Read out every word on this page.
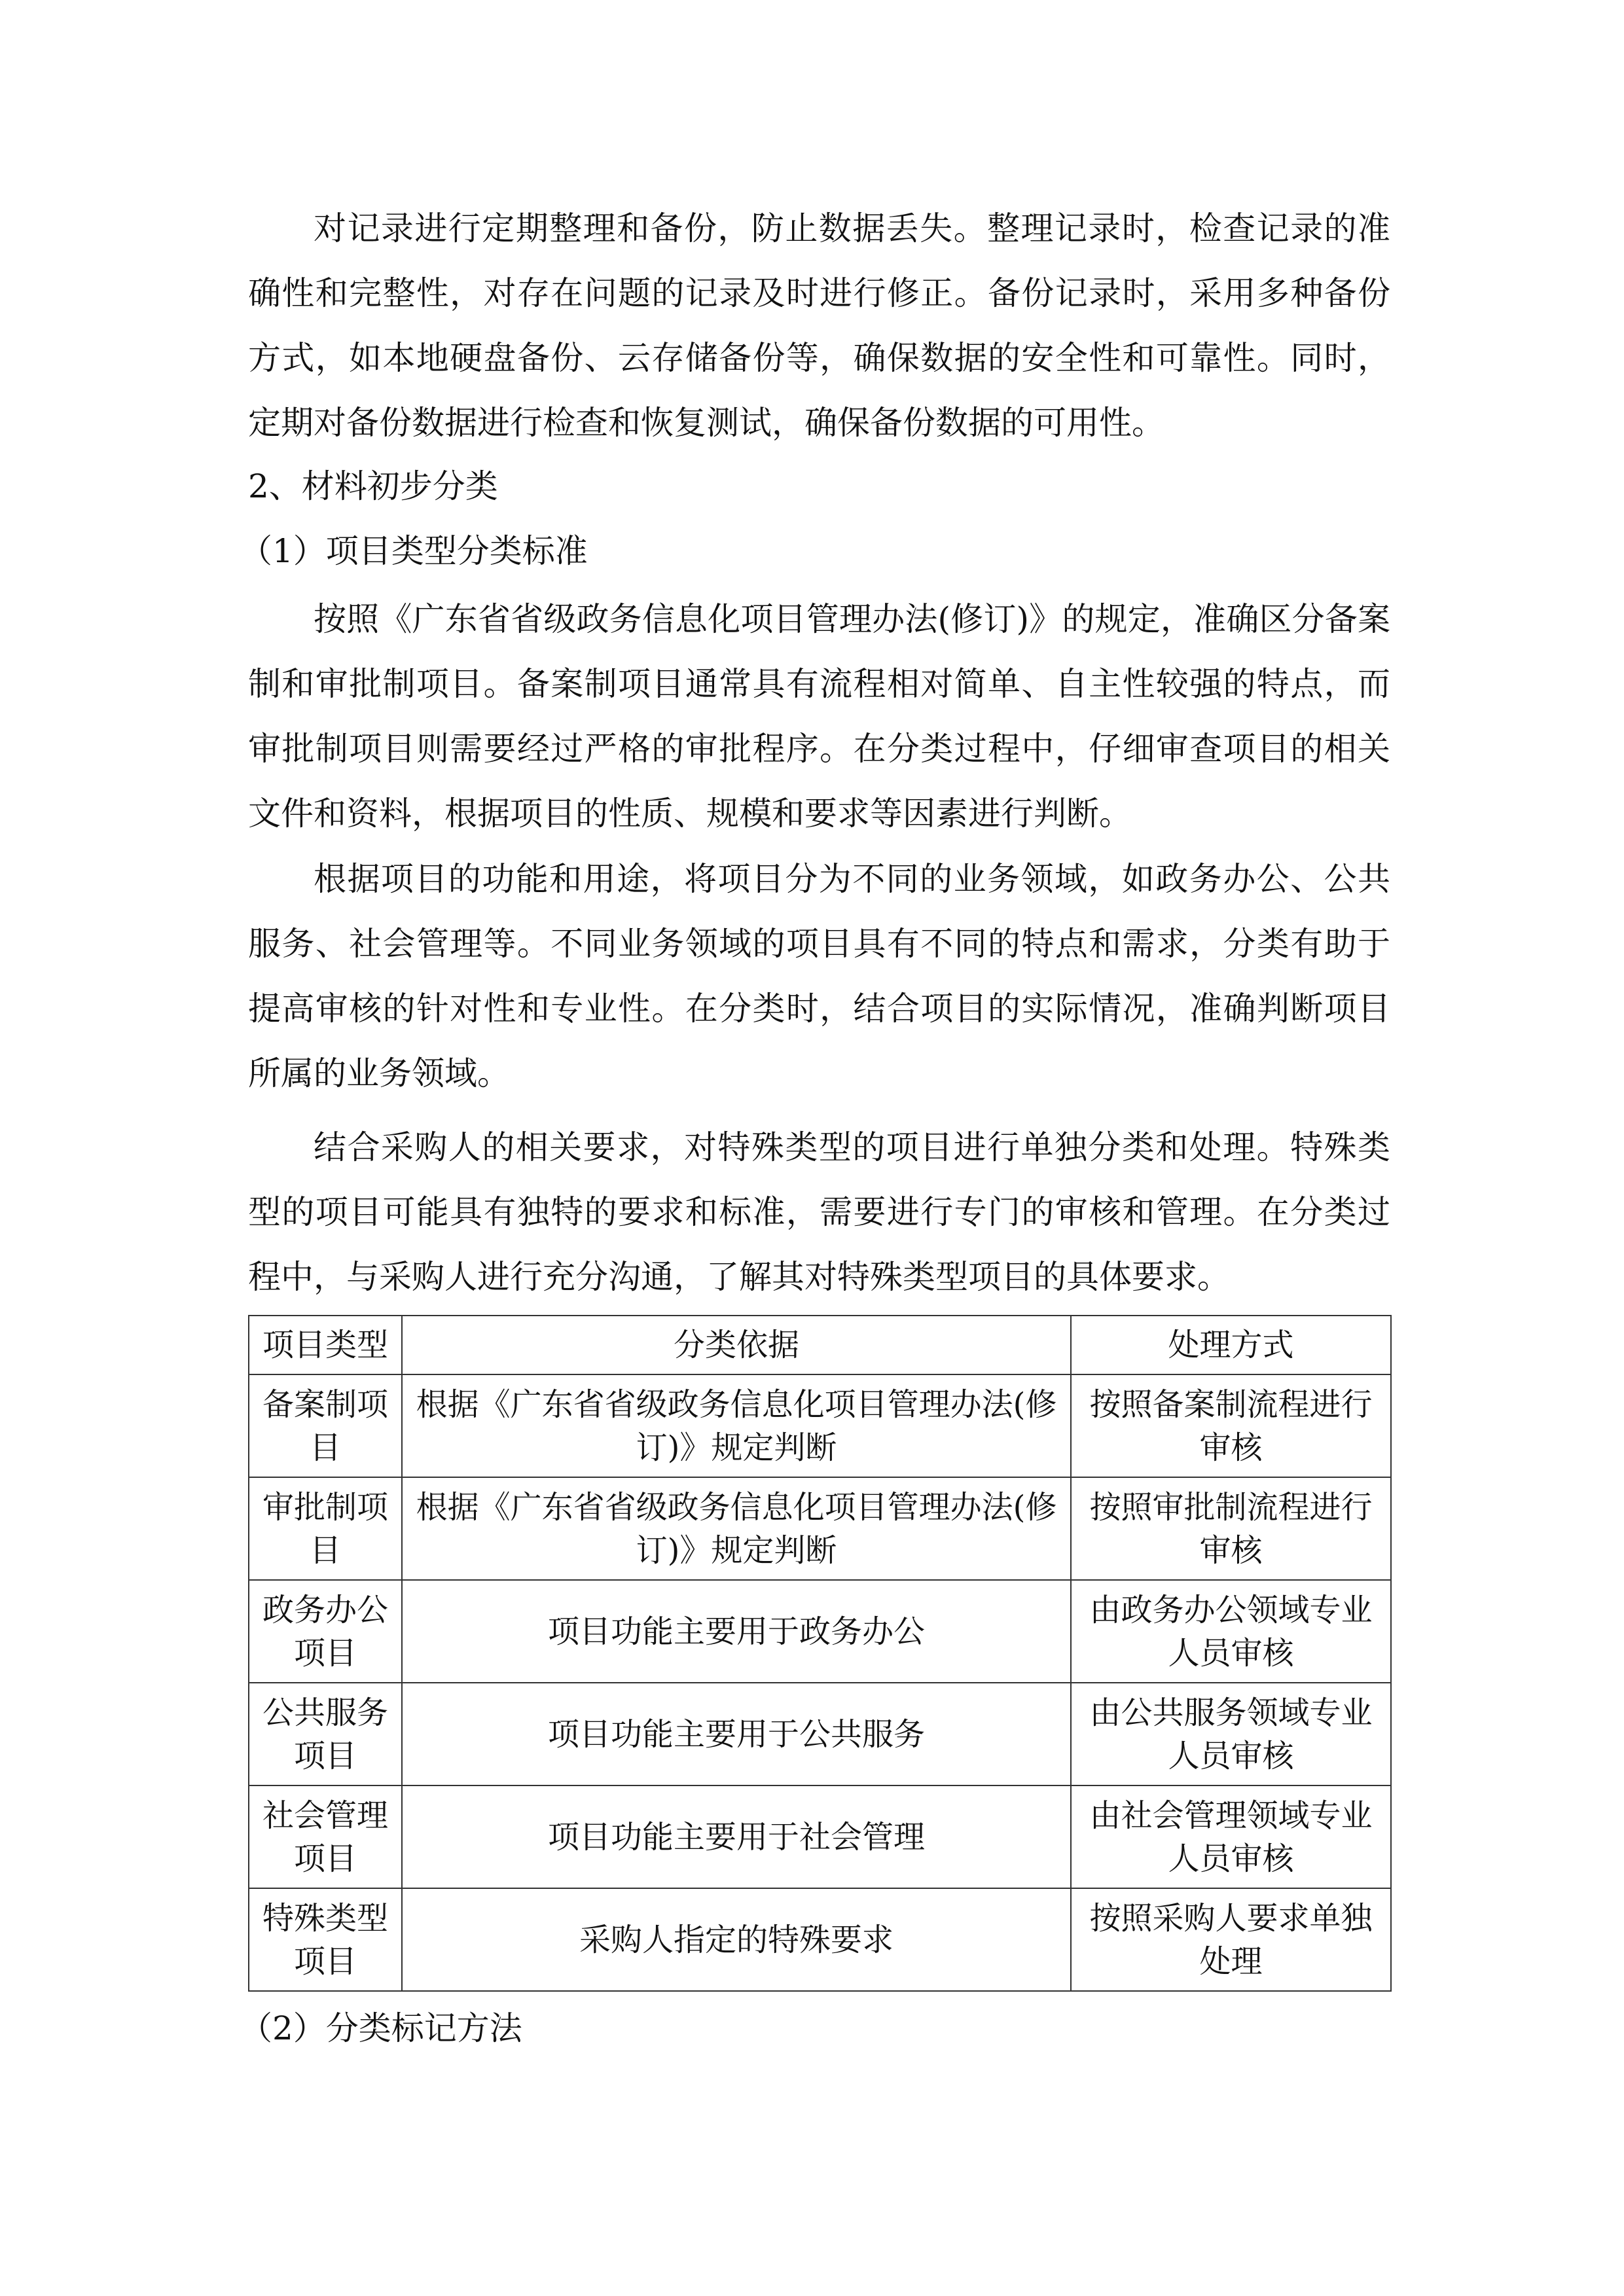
对记录进行定期整理和备份，防止数据丢失。整理记录时，检查记录的准确性和完整性，对存在问题的记录及时进行修正。备份记录时，采用多种备份方式，如本地硬盘备份、云存储备份等，确保数据的安全性和可靠性。同时，定期对备份数据进行检查和恢复测试，确保备份数据的可用性。
2、材料初步分类
（1）项目类型分类标准
按照《广东省省级政务信息化项目管理办法(修订)》的规定，准确区分备案制和审批制项目。备案制项目通常具有流程相对简单、自主性较强的特点，而审批制项目则需要经过严格的审批程序。在分类过程中，仔细审查项目的相关文件和资料，根据项目的性质、规模和要求等因素进行判断。
根据项目的功能和用途，将项目分为不同的业务领域，如政务办公、公共服务、社会管理等。不同业务领域的项目具有不同的特点和需求，分类有助于提高审核的针对性和专业性。在分类时，结合项目的实际情况，准确判断项目所属的业务领域。
结合采购人的相关要求，对特殊类型的项目进行单独分类和处理。特殊类型的项目可能具有独特的要求和标准，需要进行专门的审核和管理。在分类过程中，与采购人进行充分沟通，了解其对特殊类型项目的具体要求。
项目类型	分类依据	处理方式
备案制项目	根据《广东省省级政务信息化项目管理办法(修订)》规定判断	按照备案制流程进行审核
审批制项目	根据《广东省省级政务信息化项目管理办法(修订)》规定判断	按照审批制流程进行审核
政务办公项目	项目功能主要用于政务办公	由政务办公领域专业人员审核
公共服务项目	项目功能主要用于公共服务	由公共服务领域专业人员审核
社会管理项目	项目功能主要用于社会管理	由社会管理领域专业人员审核
特殊类型项目	采购人指定的特殊要求	按照采购人要求单独处理
（2）分类标记方法
